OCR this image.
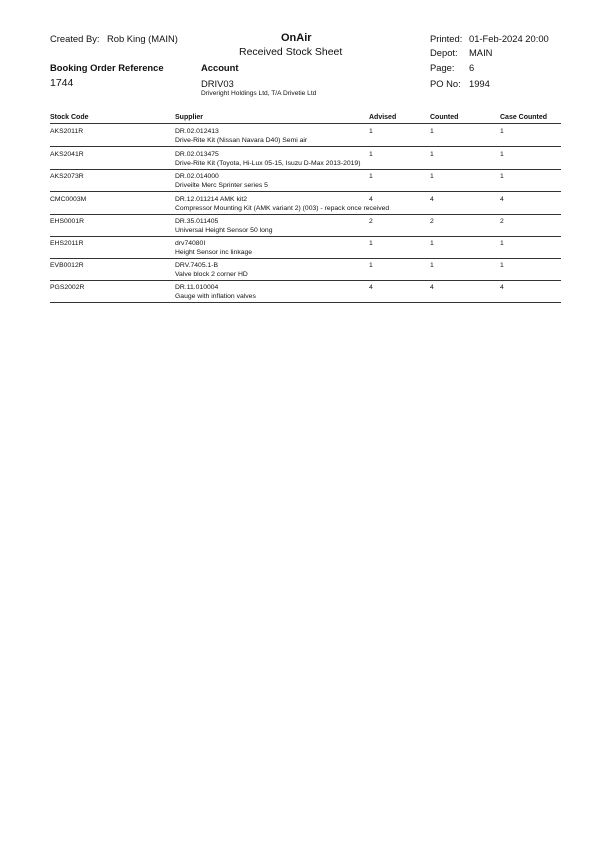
Created By: Rob King (MAIN)	OnAir
Received Stock Sheet
Printed: 01-Feb-2024 20:00
Depot: MAIN
Booking Order Reference	Account	Page: 6
1744	DRIV03	PO No: 1994
Driveright Holdings Ltd, T/A Drivetie Ltd
Stock Code	Supplier	Advised	Counted	Case Counted
AKS2011R	DR.02.012413
Drive-Rite Kit (Nissan Navara D40) Semi air
1	1	1
AKS2041R	DR.02.013475
Drive-Rite Kit (Toyota, Hi-Lux 05-15, Isuzu D-Max 2013-2019)
1	1	1
AKS2073R	DR.02.014000
Driveilte Merc Sprinter series 5
1	1	1
CMC0003M	DR.12.011214 AMK kit2
Compressor Mounting Kit (AMK variant 2) (003) - repack once received
4	4	4
EHS0001R	DR.35.011405
Universal Height Sensor 50 long
2	2	2
EHS2011R	drv74080I
Height Sensor inc linkage
1	1	1
EVB0012R	DRV.7405.1-B
Valve block 2 corner HD
1	1	1
PGS2002R	DR.11.010004
Gauge with inflation valves
4	4	4
